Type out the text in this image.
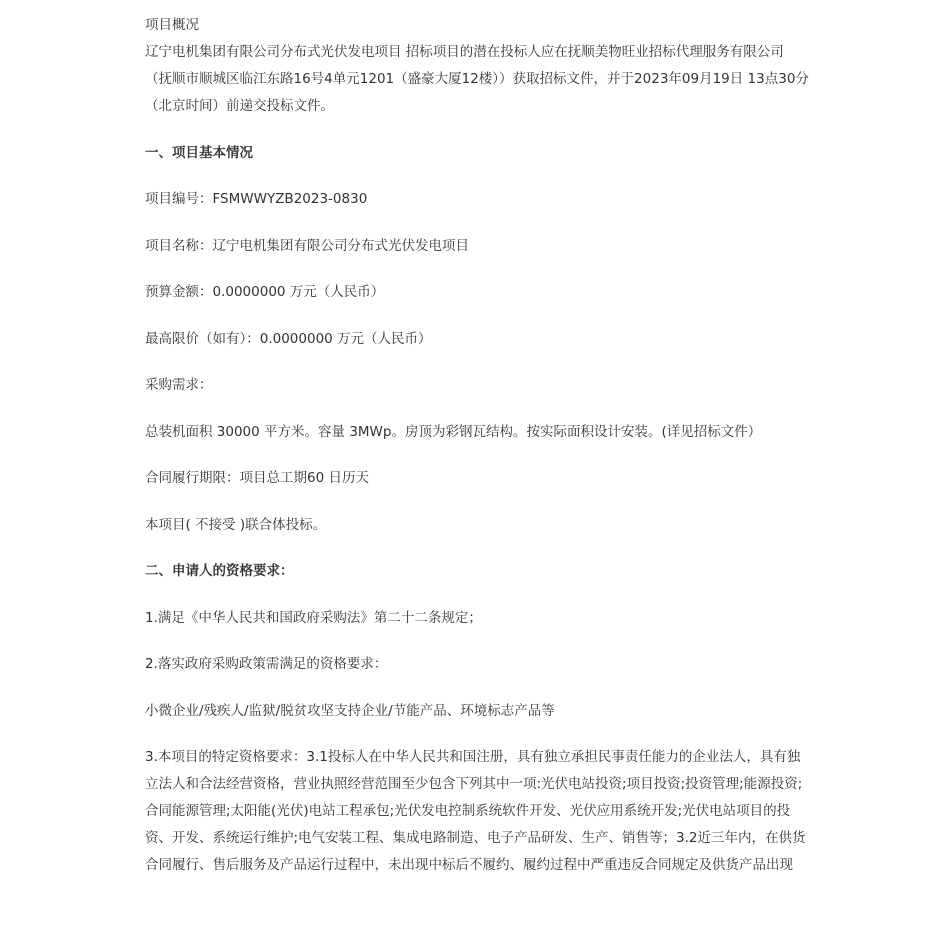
项目概况

辽宁电机集团有限公司分布式光伏发电项目 招标项目的潜在投标人应在抚顺美物旺业招标代理服务有限公司

（抚顺市顺城区临江东路16号4单元1201（盛豪大厦12楼））获取招标文件，并于2023年09月19日 13点30分

（北京时间）前递交投标文件。

一、项目基本情况

项目编号：FSMWWYZB2023-0830

项目名称：辽宁电机集团有限公司分布式光伏发电项目

预算金额：0.0000000 万元（人民币）

最高限价（如有）：0.0000000 万元（人民币）

采购需求：

总装机面积 30000 平方米。容量 3MWp。房顶为彩钢瓦结构。按实际面积设计安装。(详见招标文件）

合同履行期限：项目总工期60 日历天

本项目( 不接受 )联合体投标。

二、申请人的资格要求：

1.满足《中华人民共和国政府采购法》第二十二条规定；

2.落实政府采购政策需满足的资格要求：

小微企业/残疾人/监狱/脱贫攻坚支持企业/节能产品、环境标志产品等

3.本项目的特定资格要求：3.1投标人在中华人民共和国注册，具有独立承担民事责任能力的企业法人，具有独
立法人和合法经营资格，营业执照经营范围至少包含下列其中一项:光伏电站投资;项目投资;投资管理;能源投资;
合同能源管理;太阳能(光伏)电站工程承包;光伏发电控制系统软件开发、光伏应用系统开发;光伏电站项目的投
资、开发、系统运行维护;电气安装工程、集成电路制造、电子产品研发、生产、销售等；3.2近三年内，在供货
合同履行、售后服务及产品运行过程中，未出现中标后不履约、履约过程中严重违反合同规定及供货产品出现
